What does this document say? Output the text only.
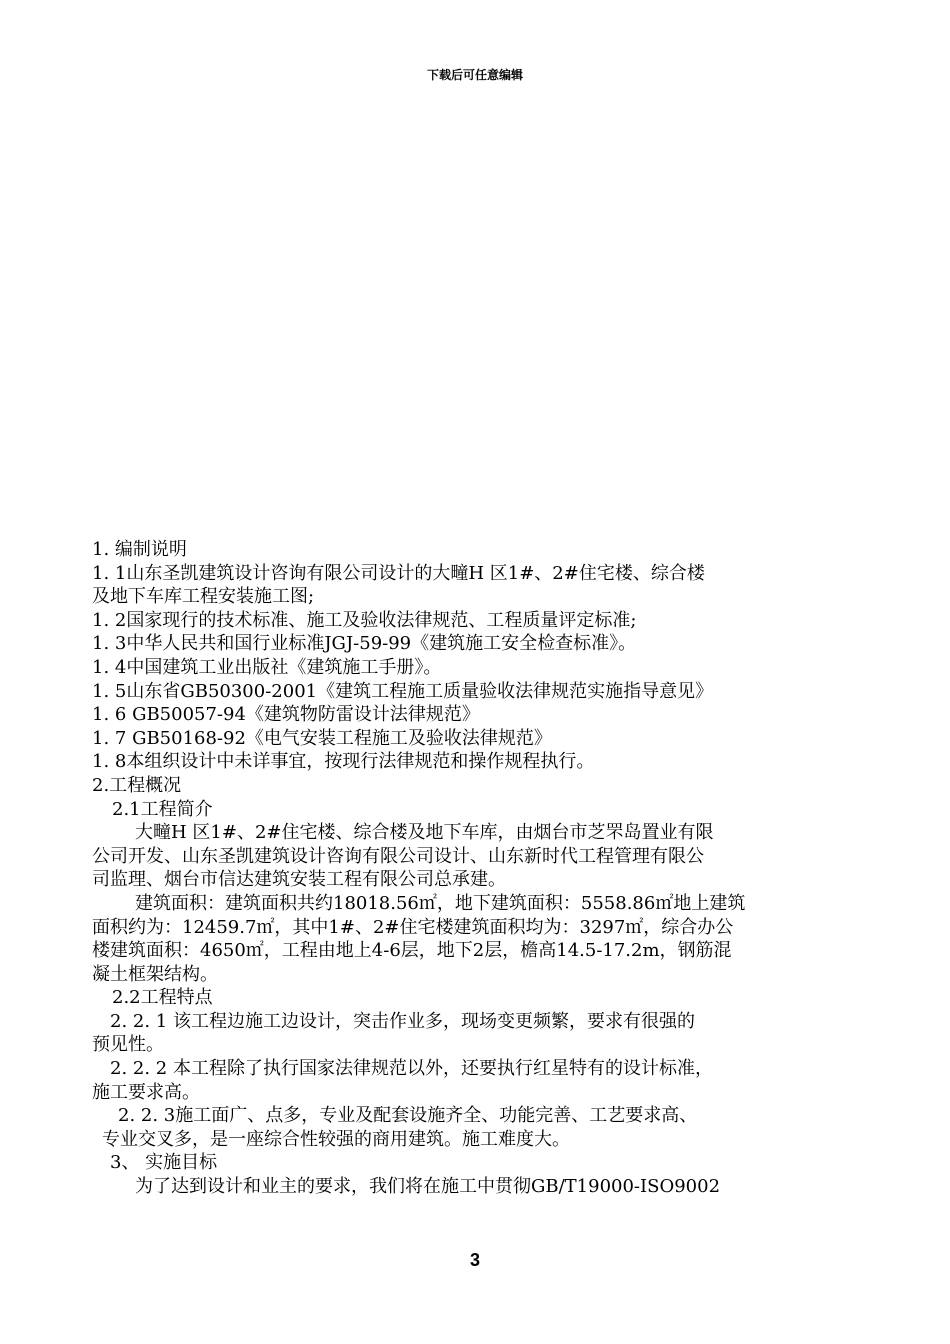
下载后可任意编辑
1. 编制说明
1. 1山东圣凯建筑设计咨询有限公司设计的大疃H 区1#、2#住宅楼、综合楼
及地下车库工程安装施工图;
1. 2国家现行的技术标准、施工及验收法律规范、工程质量评定标准;
1. 3中华人民共和国行业标准JGJ-59-99《建筑施工安全检查标准》。
1. 4中国建筑工业出版社《建筑施工手册》。
1. 5山东省GB50300-2001《建筑工程施工质量验收法律规范实施指导意见》
1. 6 GB50057-94《建筑物防雷设计法律规范》
1. 7 GB50168-92《电气安装工程施工及验收法律规范》
1. 8本组织设计中未详事宜，按现行法律规范和操作规程执行。
2.工程概况
2.1工程简介
大疃H 区1#、2#住宅楼、综合楼及地下车库，由烟台市芝罘岛置业有限
公司开发、山东圣凯建筑设计咨询有限公司设计、山东新时代工程管理有限公
司监理、烟台市信达建筑安装工程有限公司总承建。
建筑面积：建筑面积共约18018.56㎡，地下建筑面积：5558.86㎡地上建筑
面积约为：12459.7㎡，其中1#、2#住宅楼建筑面积均为：3297㎡，综合办公
楼建筑面积：4650㎡，工程由地上4-6层，地下2层，檐高14.5-17.2m，钢筋混
凝土框架结构。
2.2工程特点
2. 2. 1 该工程边施工边设计，突击作业多，现场变更频繁，要求有很强的
预见性。
2. 2. 2 本工程除了执行国家法律规范以外，还要执行红星特有的设计标准，
施工要求高。
2. 2. 3施工面广、点多，专业及配套设施齐全、功能完善、工艺要求高、
专业交叉多，是一座综合性较强的商用建筑。施工难度大。
3、 实施目标
为了达到设计和业主的要求，我们将在施工中贯彻GB/T19000-ISO9002
3
